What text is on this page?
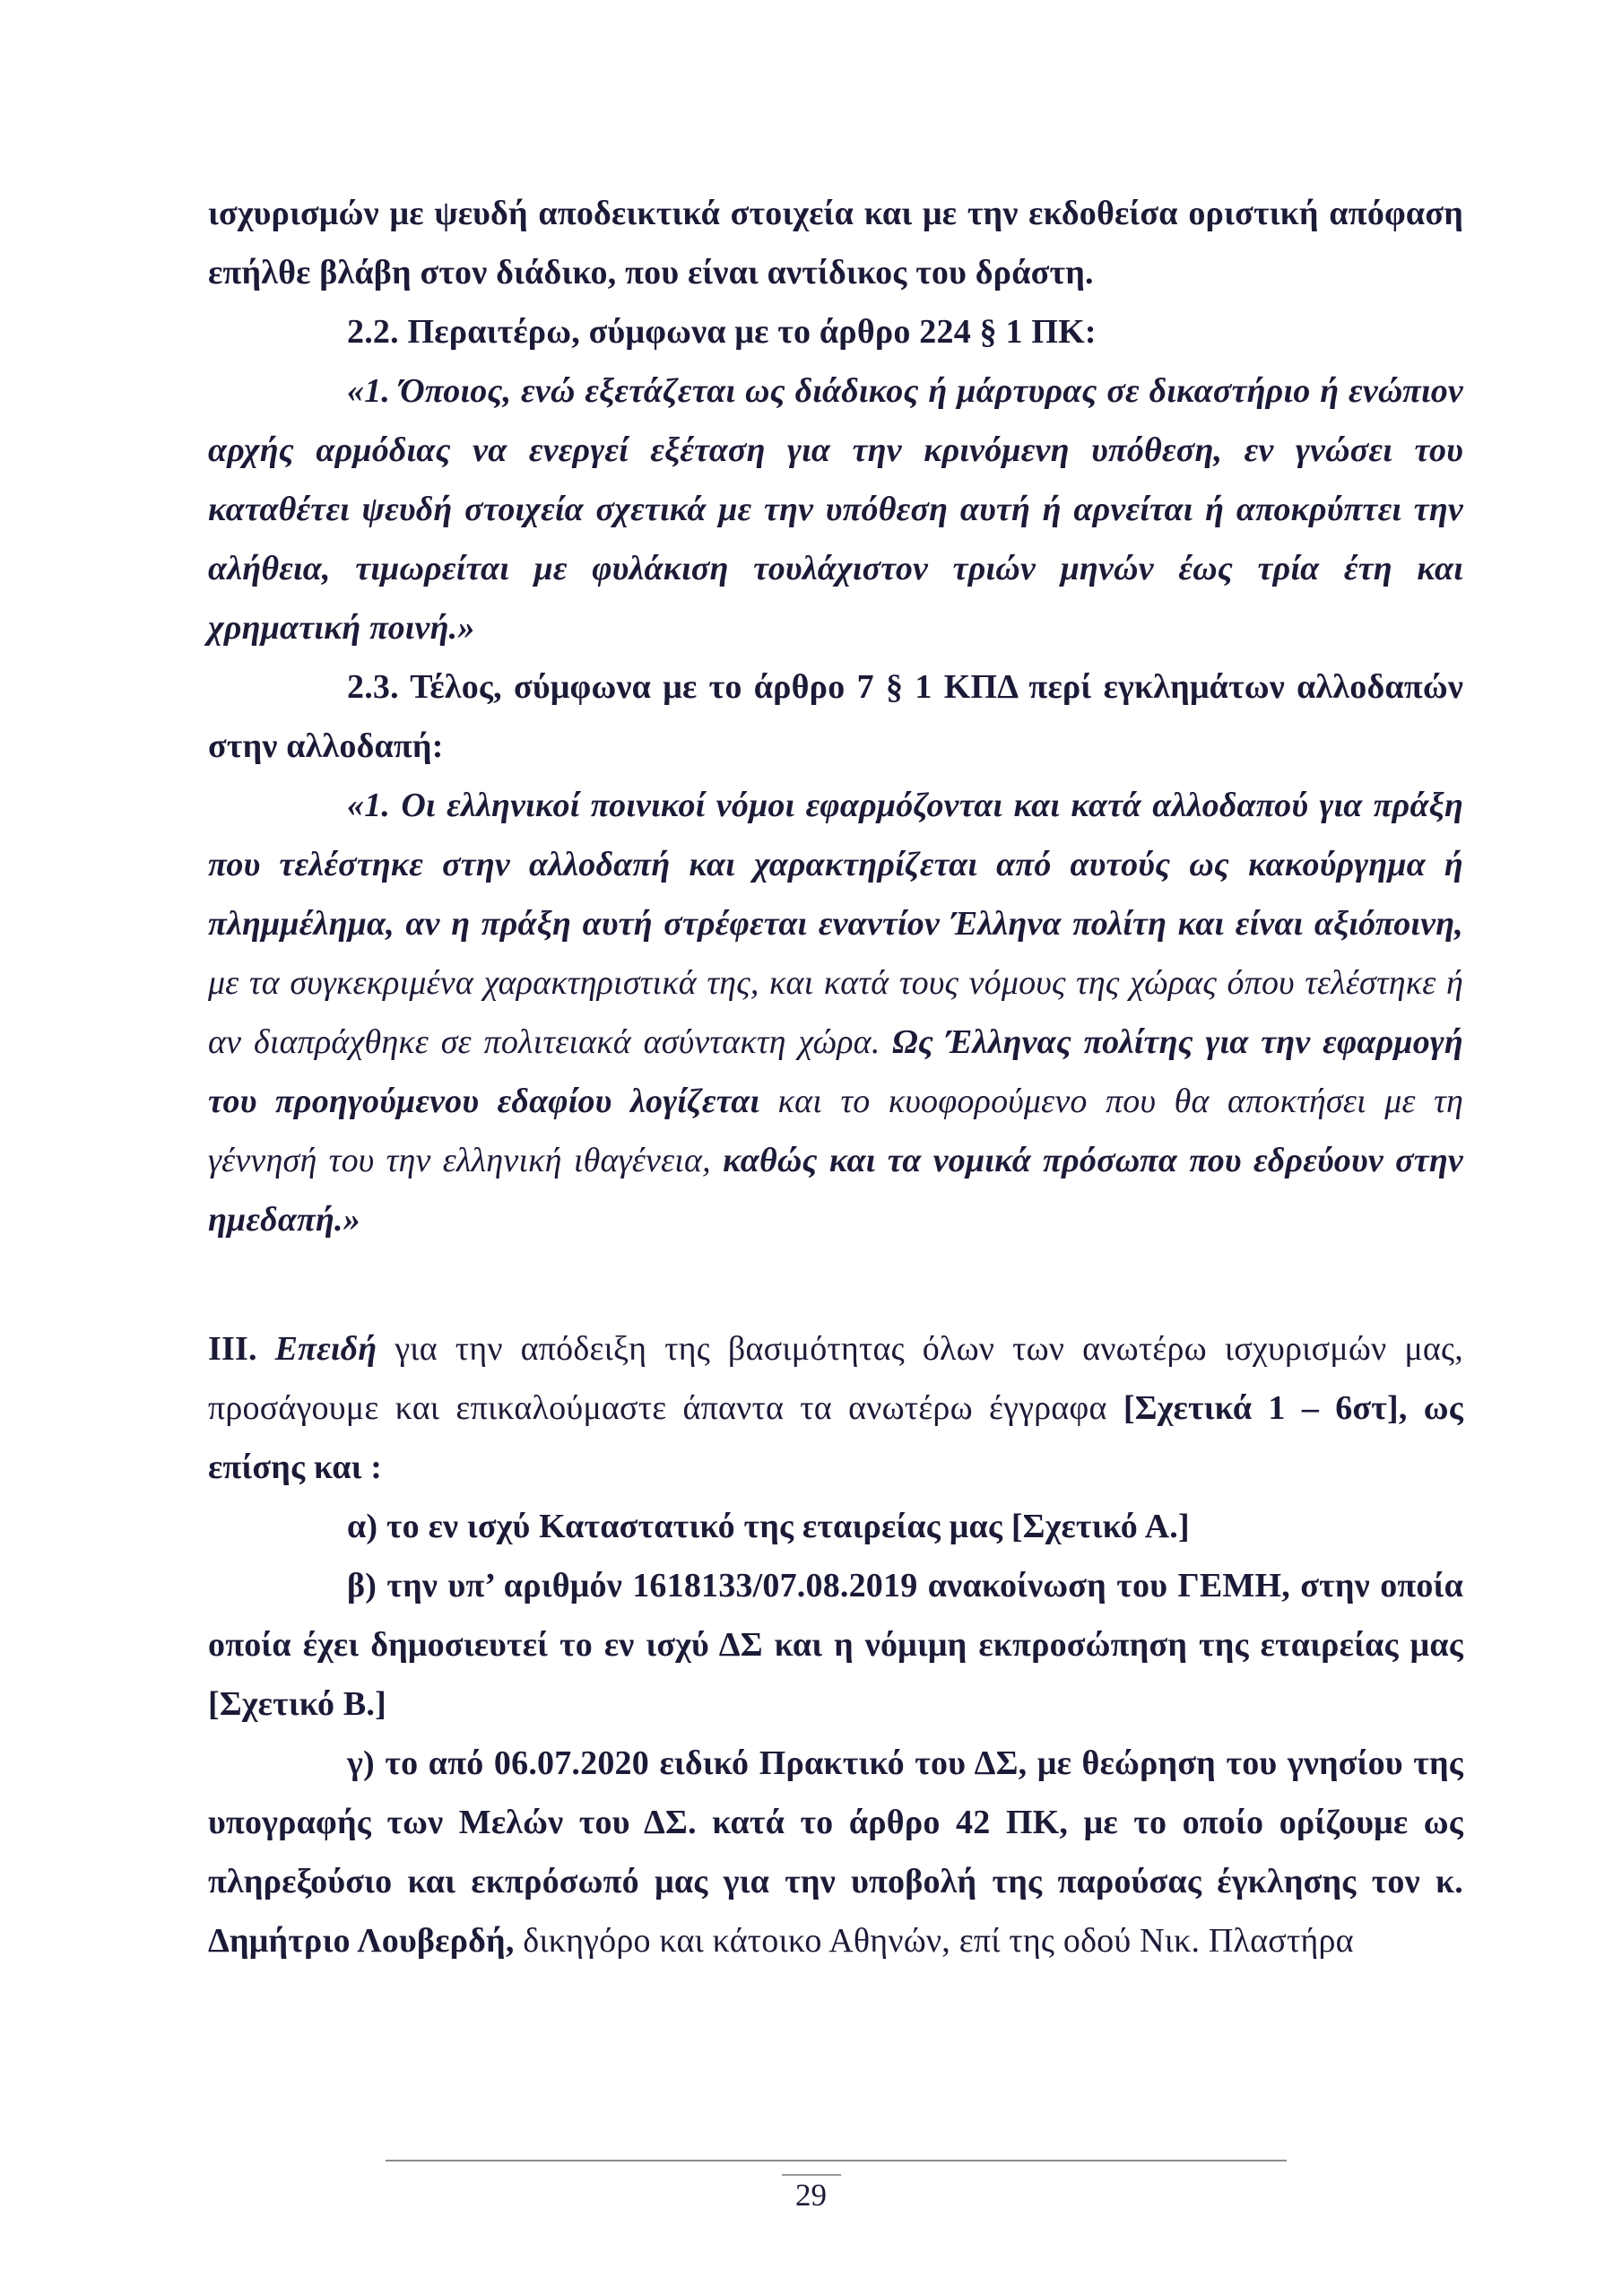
ισχυρισμών με ψευδή αποδεικτικά στοιχεία και με την εκδοθείσα οριστική απόφαση επήλθε βλάβη στον διάδικο, που είναι αντίδικος του δράστη.

2.2. Περαιτέρω, σύμφωνα με το άρθρο 224 § 1 ΠΚ:

«1. Όποιος, ενώ εξετάζεται ως διάδικος ή μάρτυρας σε δικαστήριο ή ενώπιον αρχής αρμόδιας να ενεργεί εξέταση για την κρινόμενη υπόθεση, εν γνώσει του καταθέτει ψευδή στοιχεία σχετικά με την υπόθεση αυτή ή αρνείται ή αποκρύπτει την αλήθεια, τιμωρείται με φυλάκιση τουλάχιστον τριών μηνών έως τρία έτη και χρηματική ποινή.»

2.3. Τέλος, σύμφωνα με το άρθρο 7 § 1 ΚΠΔ περί εγκλημάτων αλλοδαπών στην αλλοδαπή:

«1. Οι ελληνικοί ποινικοί νόμοι εφαρμόζονται και κατά αλλοδαπού για πράξη που τελέστηκε στην αλλοδαπή και χαρακτηρίζεται από αυτούς ως κακούργημα ή πλημμέλημα, αν η πράξη αυτή στρέφεται εναντίον Έλληνα πολίτη και είναι αξιόποινη, με τα συγκεκριμένα χαρακτηριστικά της, και κατά τους νόμους της χώρας όπου τελέστηκε ή αν διαπράχθηκε σε πολιτειακά ασύντακτη χώρα. Ως Έλληνας πολίτης για την εφαρμογή του προηγούμενου εδαφίου λογίζεται και το κυοφορούμενο που θα αποκτήσει με τη γέννησή του την ελληνική ιθαγένεια, καθώς και τα νομικά πρόσωπα που εδρεύουν στην ημεδαπή.»

III. Επειδή για την απόδειξη της βασιμότητας όλων των ανωτέρω ισχυρισμών μας, προσάγουμε και επικαλούμαστε άπαντα τα ανωτέρω έγγραφα [Σχετικά 1 – 6στ], ως επίσης και :

α) το εν ισχύ Καταστατικό της εταιρείας μας [Σχετικό Α.]

β) την υπ’ αριθμόν 1618133/07.08.2019 ανακοίνωση του ΓΕΜΗ, στην οποία οποία έχει δημοσιευτεί το εν ισχύ ΔΣ και η νόμιμη εκπροσώπηση της εταιρείας μας [Σχετικό Β.]

γ) το από 06.07.2020 ειδικό Πρακτικό του ΔΣ, με θεώρηση του γνησίου της υπογραφής των Μελών του ΔΣ. κατά το άρθρο 42 ΠΚ, με το οποίο ορίζουμε ως πληρεξούσιο και εκπρόσωπό μας για την υποβολή της παρούσας έγκλησης τον κ. Δημήτριο Λουβερδή, δικηγόρο και κάτοικο Αθηνών, επί της οδού Νικ. Πλαστήρα

29
